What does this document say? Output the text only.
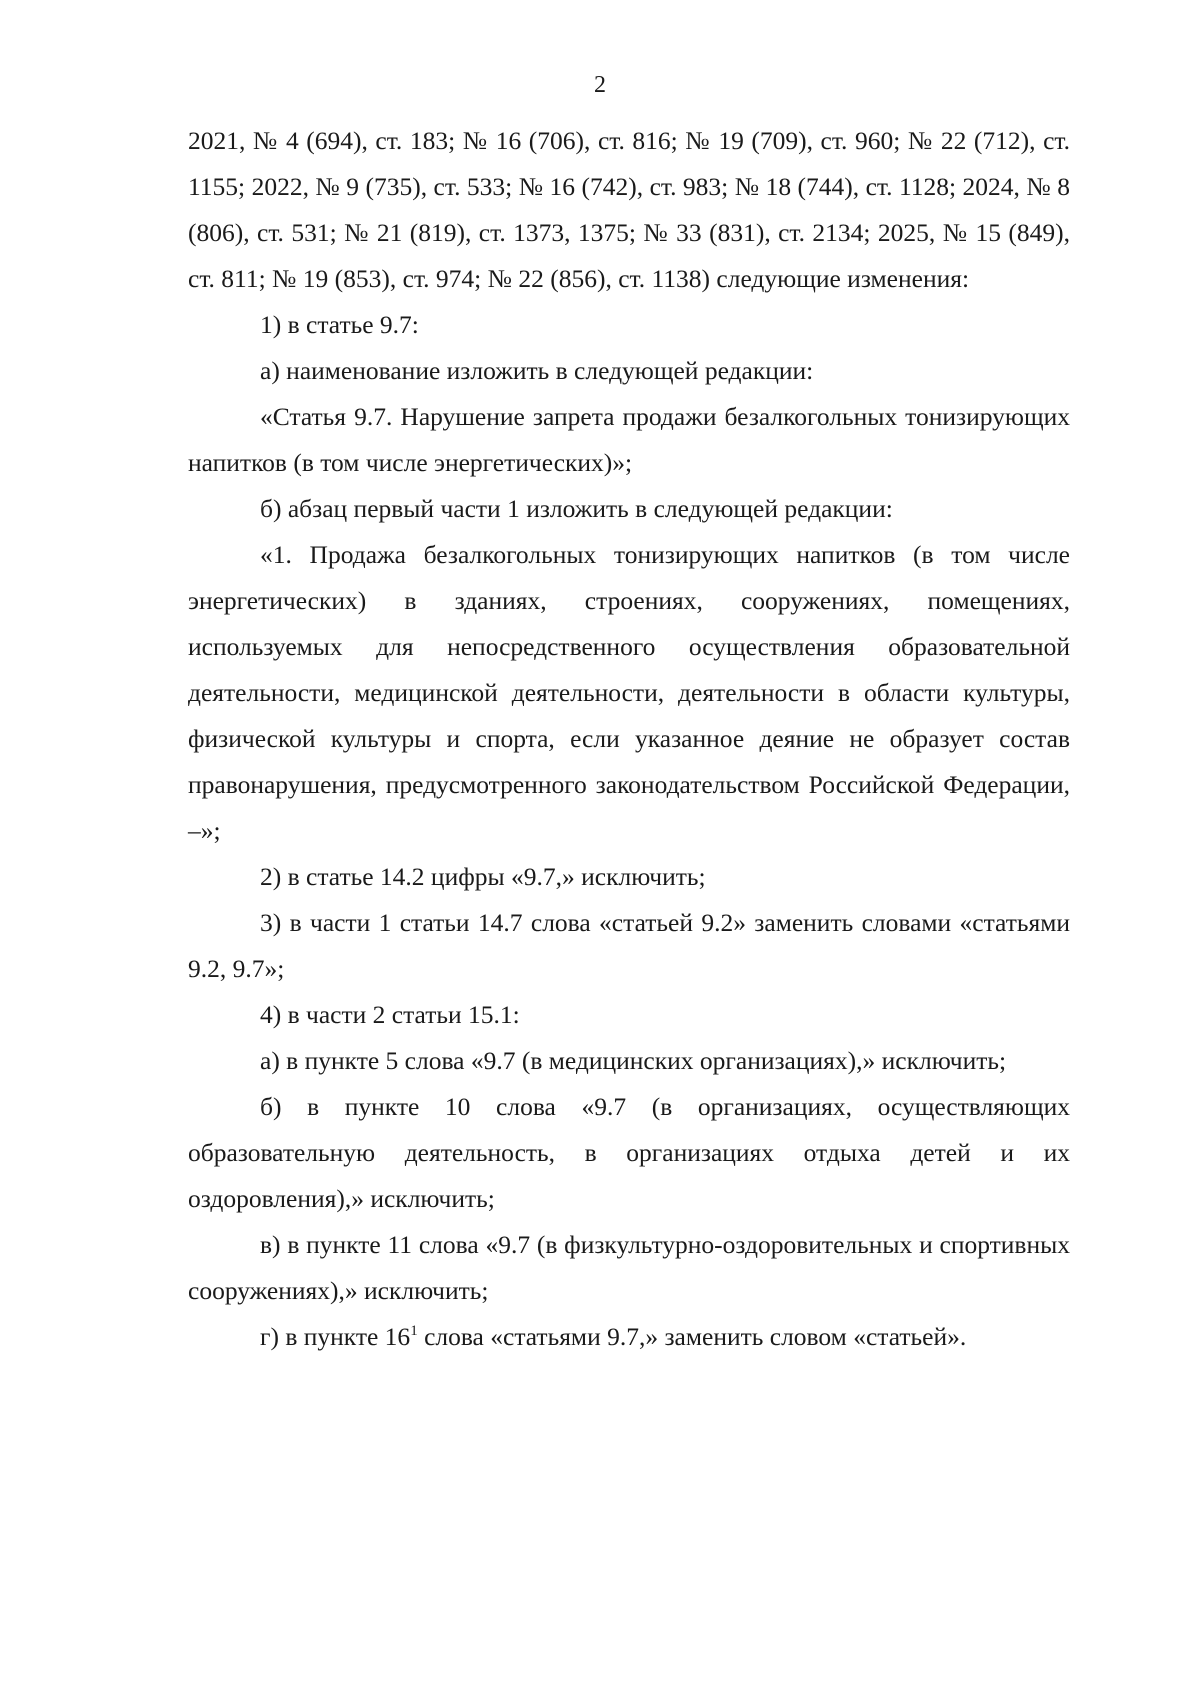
2

2021, № 4 (694), ст. 183; № 16 (706), ст. 816; № 19 (709), ст. 960; № 22 (712), ст. 1155; 2022, № 9 (735), ст. 533; № 16 (742), ст. 983; № 18 (744), ст. 1128; 2024, № 8 (806), ст. 531; № 21 (819), ст. 1373, 1375; № 33 (831), ст. 2134; 2025, № 15 (849), ст. 811; № 19 (853), ст. 974; № 22 (856), ст. 1138) следующие изменения:

1) в статье 9.7:

а) наименование изложить в следующей редакции:

«Статья 9.7. Нарушение запрета продажи безалкогольных тонизирующих напитков (в том числе энергетических)»;

б) абзац первый части 1 изложить в следующей редакции:

«1. Продажа безалкогольных тонизирующих напитков (в том числе энергетических) в зданиях, строениях, сооружениях, помещениях, используемых для непосредственного осуществления образовательной деятельности, медицинской деятельности, деятельности в области культуры, физической культуры и спорта, если указанное деяние не образует состав правонарушения, предусмотренного законодательством Российской Федерации, –»;

2) в статье 14.2 цифры «9.7,» исключить;

3) в части 1 статьи 14.7 слова «статьей 9.2» заменить словами «статьями 9.2, 9.7»;

4) в части 2 статьи 15.1:

а) в пункте 5 слова «9.7 (в медицинских организациях),» исключить;

б) в пункте 10 слова «9.7 (в организациях, осуществляющих образовательную деятельность, в организациях отдыха детей и их оздоровления),» исключить;

в) в пункте 11 слова «9.7 (в физкультурно-оздоровительных и спортивных сооружениях),» исключить;

г) в пункте $16^1$ слова «статьями 9.7,» заменить словом «статьей».
